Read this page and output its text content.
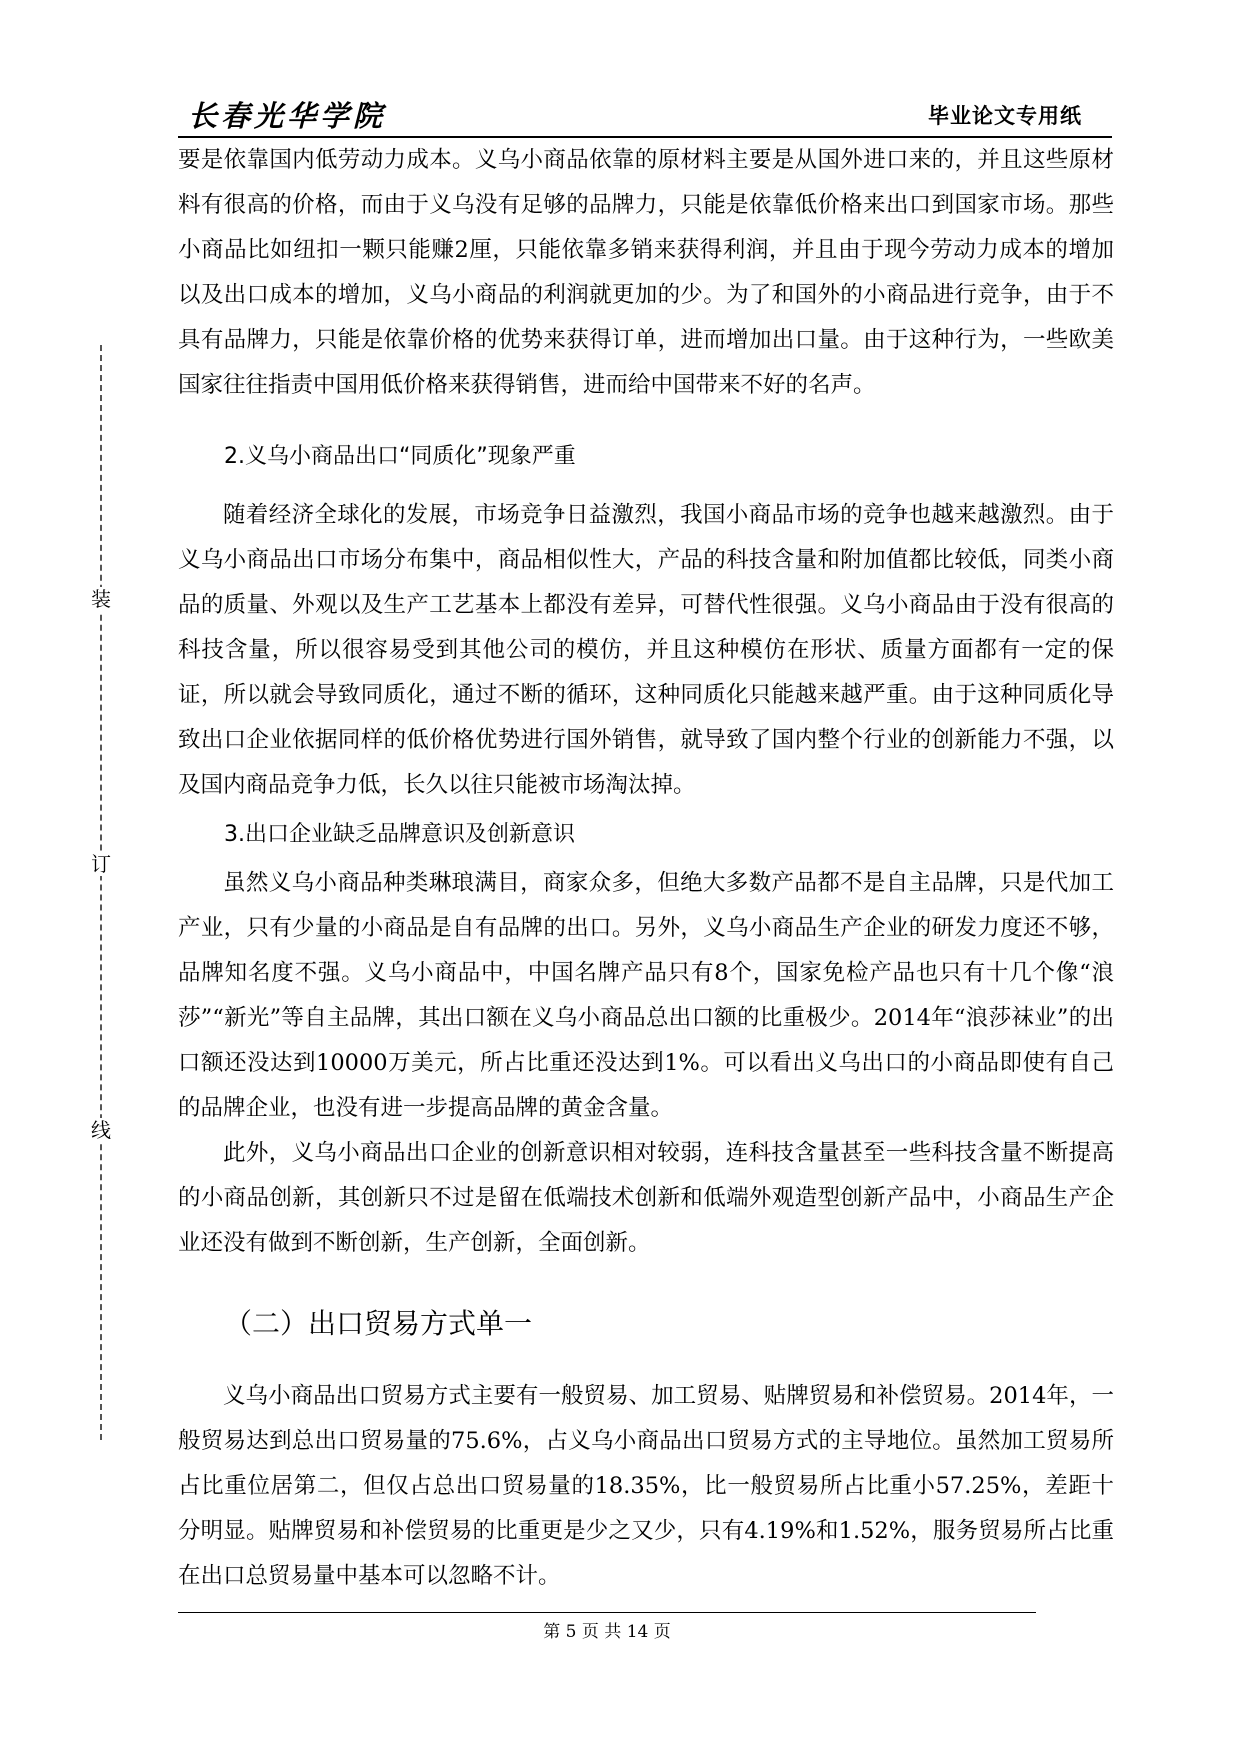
长春光华学院	毕业论文专用纸
装
订
线

要是依靠国内低劳动力成本。义乌小商品依靠的原材料主要是从国外进口来的，并且这些原材料有很高的价格，而由于义乌没有足够的品牌力，只能是依靠低价格来出口到国家市场。那些小商品比如纽扣一颗只能赚2厘，只能依靠多销来获得利润，并且由于现今劳动力成本的增加以及出口成本的增加，义乌小商品的利润就更加的少。为了和国外的小商品进行竞争，由于不具有品牌力，只能是依靠价格的优势来获得订单，进而增加出口量。由于这种行为，一些欧美国家往往指责中国用低价格来获得销售，进而给中国带来不好的名声。

2.义乌小商品出口“同质化”现象严重

随着经济全球化的发展，市场竞争日益激烈，我国小商品市场的竞争也越来越激烈。由于义乌小商品出口市场分布集中，商品相似性大，产品的科技含量和附加值都比较低，同类小商品的质量、外观以及生产工艺基本上都没有差异，可替代性很强。义乌小商品由于没有很高的科技含量，所以很容易受到其他公司的模仿，并且这种模仿在形状、质量方面都有一定的保证，所以就会导致同质化，通过不断的循环，这种同质化只能越来越严重。由于这种同质化导致出口企业依据同样的低价格优势进行国外销售，就导致了国内整个行业的创新能力不强，以及国内商品竞争力低，长久以往只能被市场淘汰掉。

3.出口企业缺乏品牌意识及创新意识

虽然义乌小商品种类琳琅满目，商家众多，但绝大多数产品都不是自主品牌，只是代加工产业，只有少量的小商品是自有品牌的出口。另外，义乌小商品生产企业的研发力度还不够，品牌知名度不强。义乌小商品中，中国名牌产品只有8个，国家免检产品也只有十几个像“浪莎”“新光”等自主品牌，其出口额在义乌小商品总出口额的比重极少。2014年“浪莎袜业”的出口额还没达到10000万美元，所占比重还没达到1%。可以看出义乌出口的小商品即使有自己的品牌企业，也没有进一步提高品牌的黄金含量。

此外，义乌小商品出口企业的创新意识相对较弱，连科技含量甚至一些科技含量不断提高的小商品创新，其创新只不过是留在低端技术创新和低端外观造型创新产品中，小商品生产企业还没有做到不断创新，生产创新，全面创新。

（二）出口贸易方式单一

义乌小商品出口贸易方式主要有一般贸易、加工贸易、贴牌贸易和补偿贸易。2014年，一般贸易达到总出口贸易量的75.6%，占义乌小商品出口贸易方式的主导地位。虽然加工贸易所占比重位居第二，但仅占总出口贸易量的18.35%，比一般贸易所占比重小57.25%，差距十分明显。贴牌贸易和补偿贸易的比重更是少之又少，只有4.19%和1.52%，服务贸易所占比重在出口总贸易量中基本可以忽略不计。

第 5 页 共 14 页
